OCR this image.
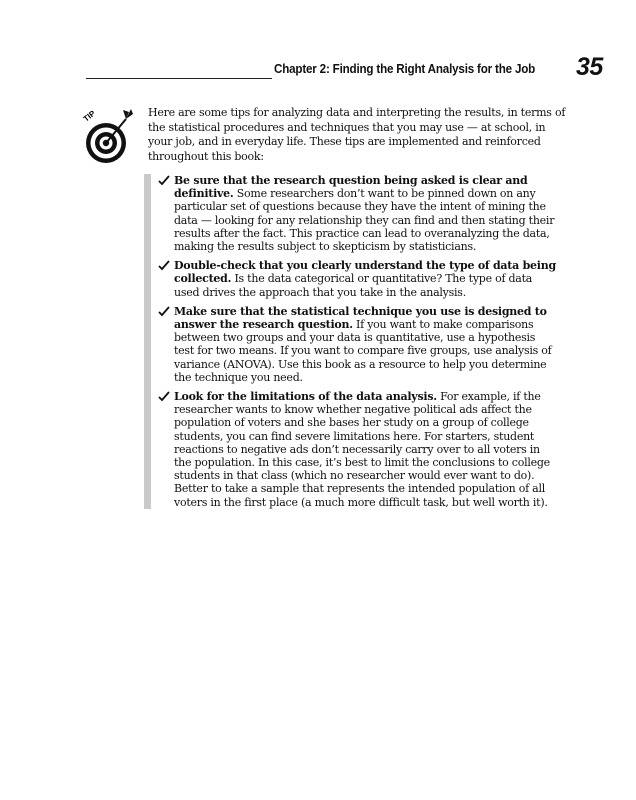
Chapter 2: Finding the Right Analysis for the Job	35
TIP	Here are some tips for analyzing data and interpreting the results, in terms of the statistical procedures and techniques that you may use — at school, in your job, and in everyday life. These tips are implemented and reinforced throughout this book:
Be sure that the research question being asked is clear and definitive. Some researchers don’t want to be pinned down on any particular set of questions because they have the intent of mining the data — looking for any relationship they can find and then stating their results after the fact. This practice can lead to overanalyzing the data, making the results subject to skepticism by statisticians.
Double-check that you clearly understand the type of data being collected. Is the data categorical or quantitative? The type of data used drives the approach that you take in the analysis.
Make sure that the statistical technique you use is designed to answer the research question. If you want to make comparisons between two groups and your data is quantitative, use a hypothesis test for two means. If you want to compare five groups, use analysis of variance (ANOVA). Use this book as a resource to help you determine the technique you need.
Look for the limitations of the data analysis. For example, if the researcher wants to know whether negative political ads affect the population of voters and she bases her study on a group of college students, you can find severe limitations here. For starters, student reactions to negative ads don’t necessarily carry over to all voters in the population. In this case, it’s best to limit the conclusions to college students in that class (which no researcher would ever want to do). Better to take a sample that represents the intended population of all voters in the first place (a much more difficult task, but well worth it).
